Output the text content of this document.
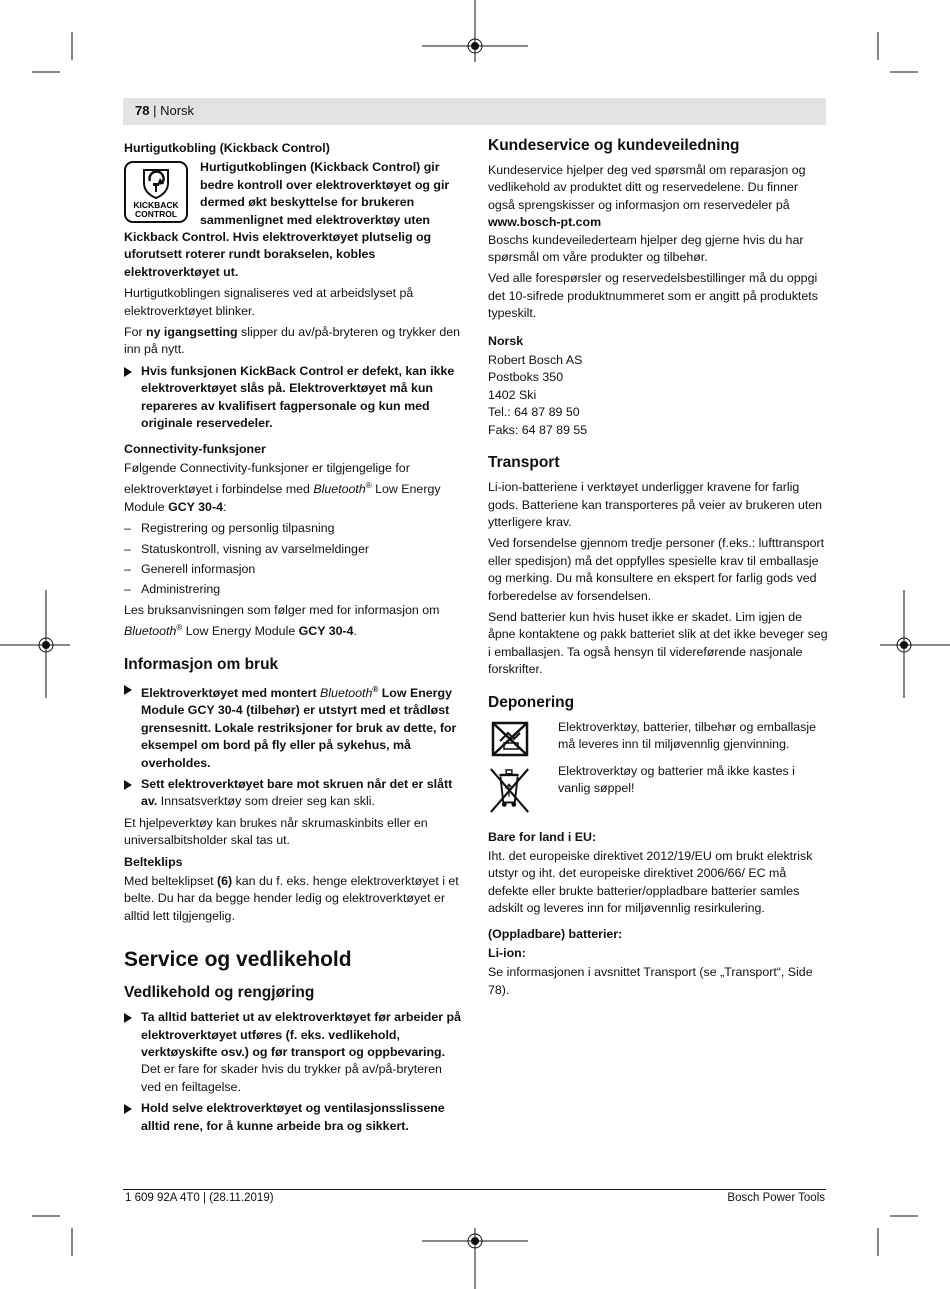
78 | Norsk
Hurtigutkobling (Kickback Control)
KICKBACK
CONTROL

Hurtigutkoblingen (Kickback Control) gir bedre kontroll over elektroverktøyet og gir dermed økt beskyttelse for brukeren sammenlignet med elektroverktøy uten Kickback Control. Hvis elektroverktøyet plutselig og uforutsett roterer rundt borakselen, kobles elektroverktøyet ut.

Hurtigutkoblingen signaliseres ved at arbeidslyset på elektroverktøyet blinker.

For ny igangsetting slipper du av/på-bryteren og trykker den inn på nytt.

Hvis funksjonen KickBack Control er defekt, kan ikke elektroverktøyet slås på. Elektroverktøyet må kun repareres av kvalifisert fagpersonale og kun med originale reservedeler.
Connectivity-funksjoner

Følgende Connectivity-funksjoner er tilgjengelige for elektroverktøyet i forbindelse med Bluetooth® Low Energy Module GCY 30-4:

– Registrering og personlig tilpasning
– Statuskontroll, visning av varselmeldinger
– Generell informasjon
– Administrering

Les bruksanvisningen som følger med for informasjon om Bluetooth® Low Energy Module GCY 30-4.

Informasjon om bruk
Elektroverktøyet med montert Bluetooth® Low Energy Module GCY 30-4 (tilbehør) er utstyrt med et trådløst grensesnitt. Lokale restriksjoner for bruk av dette, for eksempel om bord på fly eller på sykehus, må overholdes.
Sett elektroverktøyet bare mot skruen når det er slått av. Innsatsverktøy som dreier seg kan skli.

Et hjelpeverktøy kan brukes når skrumaskinbits eller en universalbitsholder skal tas ut.

Belteklips

Med belteklipset (6) kan du f. eks. henge elektroverktøyet i et belte. Du har da begge hender ledig og elektroverktøyet er alltid lett tilgjengelig.

Service og vedlikehold
Vedlikehold og rengjøring
Ta alltid batteriet ut av elektroverktøyet før arbeider på elektroverktøyet utføres (f. eks. vedlikehold, verktøyskifte osv.) og før transport og oppbevaring. Det er fare for skader hvis du trykker på av/på-bryteren ved en feiltagelse.
Hold selve elektroverktøyet og ventilasjonsslissene alltid rene, for å kunne arbeide bra og sikkert.
Kundeservice og kundeveiledning

Kundeservice hjelper deg ved spørsmål om reparasjon og vedlikehold av produktet ditt og reservedelene. Du finner også sprengskisser og informasjon om reservedeler på

www.bosch-pt.com

Boschs kundeveilederteam hjelper deg gjerne hvis du har spørsmål om våre produkter og tilbehør.

Ved alle forespørsler og reservedelsbestillinger må du oppgi det 10-sifrede produktnummeret som er angitt på produktets typeskilt.

Norsk

Robert Bosch AS

Postboks 350

1402 Ski

Tel.: 64 87 89 50

Faks: 64 87 89 55

Transport

Li-ion-batteriene i verktøyet underligger kravene for farlig gods. Batteriene kan transporteres på veier av brukeren uten ytterligere krav.

Ved forsendelse gjennom tredje personer (f.eks.: lufttransport eller spedisjon) må det oppfylles spesielle krav til emballasje og merking. Du må konsultere en ekspert for farlig gods ved forberedelse av forsendelsen.

Send batterier kun hvis huset ikke er skadet. Lim igjen de åpne kontaktene og pakk batteriet slik at det ikke beveger seg i emballasjen. Ta også hensyn til videreførende nasjonale forskrifter.

Deponering

Elektroverktøy, batterier, tilbehør og emballasje må leveres inn til miljøvennlig gjenvinning.

Elektroverktøy og batterier må ikke kastes i vanlig søppel!

Bare for land i EU:

Iht. det europeiske direktivet 2012/19/EU om brukt elektrisk utstyr og iht. det europeiske direktivet 2006/66/ EC må defekte eller brukte batterier/oppladbare batterier samles adskilt og leveres inn for miljøvennlig resirkulering.

(Oppladbare) batterier:
Li-ion:

Se informasjonen i avsnittet Transport (se „Transport“, Side 78).

1 609 92A 4T0 | (28.11.2019)	Bosch Power Tools
